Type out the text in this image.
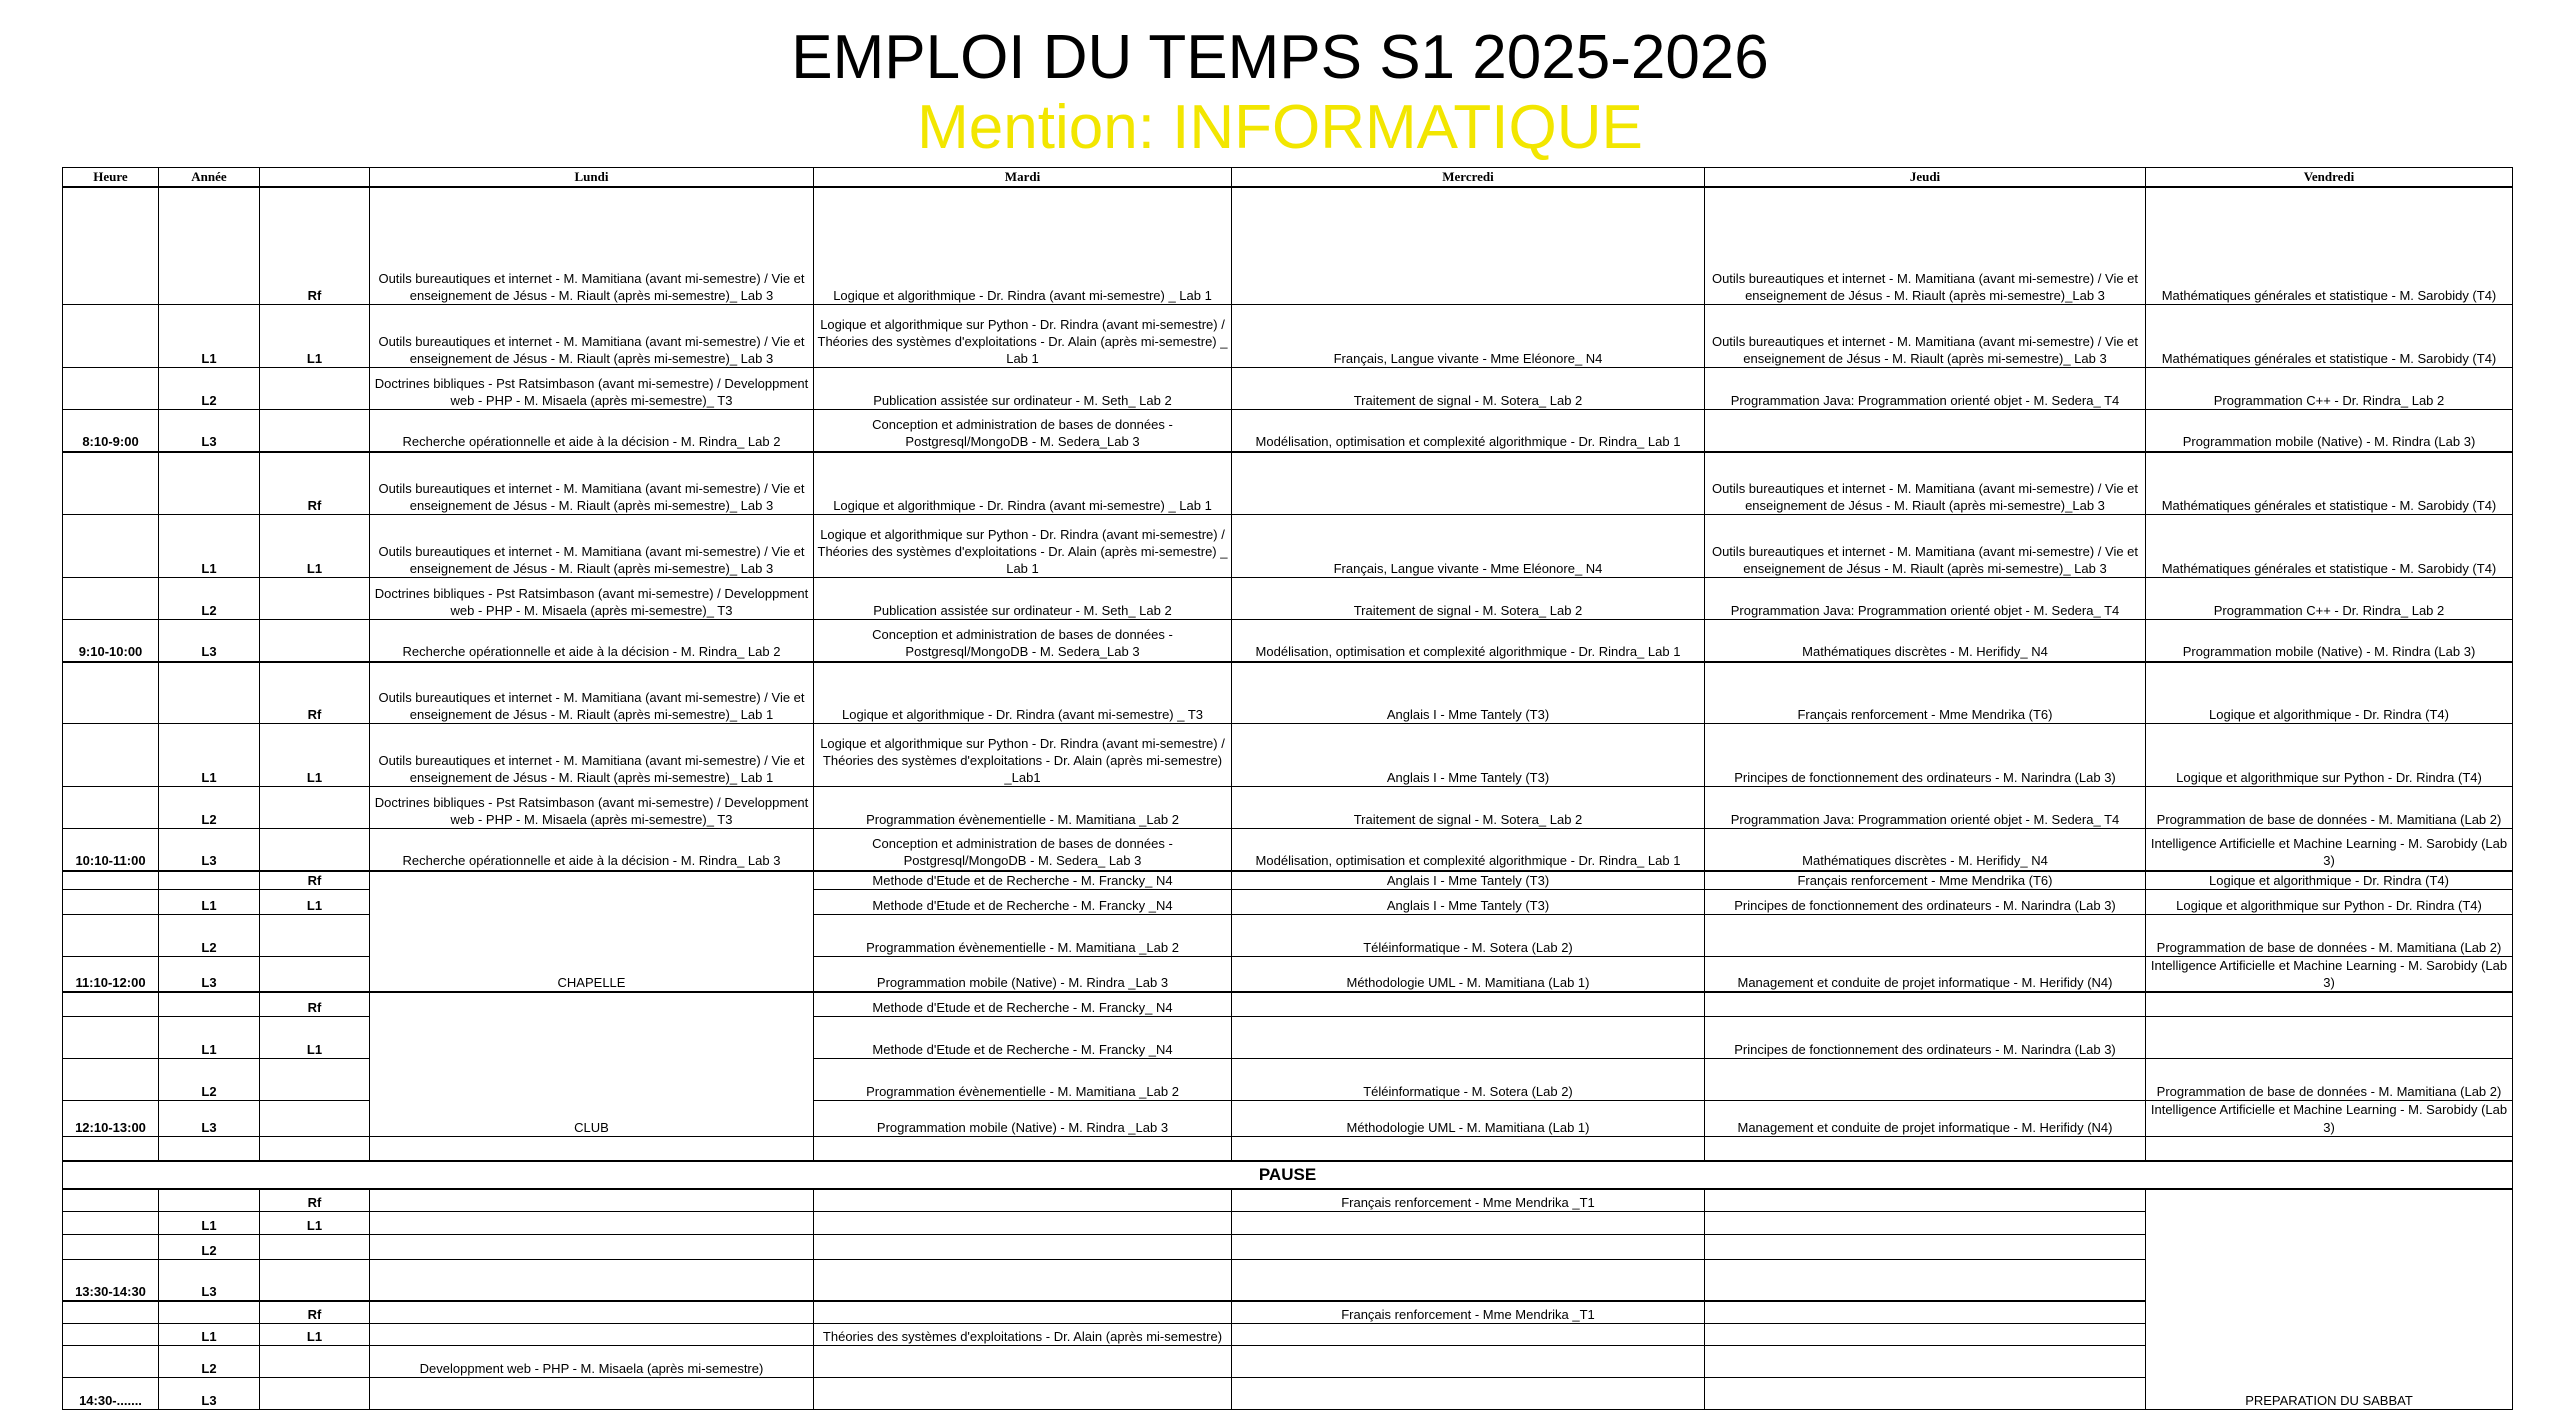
EMPLOI DU TEMPS S1 2025-2026
Mention: INFORMATIQUE
Heure	Année		Lundi	Mardi	Mercredi	Jeudi	Vendredi
		Rf	Outils bureautiques et internet - M. Mamitiana (avant mi-semestre) / Vie et enseignement de Jésus - M. Riault (après mi-semestre)_ Lab 3	Logique et algorithmique - Dr. Rindra (avant mi-semestre) _ Lab 1		Outils bureautiques et internet - M. Mamitiana (avant mi-semestre) / Vie et enseignement de Jésus - M. Riault (après mi-semestre)_Lab 3	Mathématiques générales et statistique - M. Sarobidy (T4)
	L1	L1	Outils bureautiques et internet - M. Mamitiana (avant mi-semestre) / Vie et enseignement de Jésus - M. Riault (après mi-semestre)_ Lab 3	Logique et algorithmique sur Python - Dr. Rindra (avant mi-semestre) / Théories des systèmes d'exploitations - Dr. Alain (après mi-semestre) _ Lab 1	Français, Langue vivante - Mme Eléonore_ N4	Outils bureautiques et internet - M. Mamitiana (avant mi-semestre) / Vie et enseignement de Jésus - M. Riault (après mi-semestre)_ Lab 3	Mathématiques générales et statistique - M. Sarobidy (T4)
	L2		Doctrines bibliques - Pst Ratsimbason (avant mi-semestre) / Developpment web - PHP - M. Misaela (après mi-semestre)_ T3	Publication assistée sur ordinateur - M. Seth_ Lab 2	Traitement de signal - M. Sotera_ Lab 2	Programmation Java: Programmation orienté objet - M. Sedera_ T4	Programmation C++ - Dr. Rindra_ Lab 2
8:10-9:00	L3		Recherche opérationnelle et aide à la décision - M. Rindra_ Lab 2	Conception et administration de bases de données - Postgresql/MongoDB - M. Sedera_Lab 3	Modélisation, optimisation et complexité algorithmique - Dr. Rindra_ Lab 1		Programmation mobile (Native) - M. Rindra (Lab 3)
		Rf	Outils bureautiques et internet - M. Mamitiana (avant mi-semestre) / Vie et enseignement de Jésus - M. Riault (après mi-semestre)_ Lab 3	Logique et algorithmique - Dr. Rindra (avant mi-semestre) _ Lab 1		Outils bureautiques et internet - M. Mamitiana (avant mi-semestre) / Vie et enseignement de Jésus - M. Riault (après mi-semestre)_Lab 3	Mathématiques générales et statistique - M. Sarobidy (T4)
	L1	L1	Outils bureautiques et internet - M. Mamitiana (avant mi-semestre) / Vie et enseignement de Jésus - M. Riault (après mi-semestre)_ Lab 3	Logique et algorithmique sur Python - Dr. Rindra (avant mi-semestre) / Théories des systèmes d'exploitations - Dr. Alain (après mi-semestre) _ Lab 1	Français, Langue vivante - Mme Eléonore_ N4	Outils bureautiques et internet - M. Mamitiana (avant mi-semestre) / Vie et enseignement de Jésus - M. Riault (après mi-semestre)_ Lab 3	Mathématiques générales et statistique - M. Sarobidy (T4)
	L2		Doctrines bibliques - Pst Ratsimbason (avant mi-semestre) / Developpment web - PHP - M. Misaela (après mi-semestre)_ T3	Publication assistée sur ordinateur - M. Seth_ Lab 2	Traitement de signal - M. Sotera_ Lab 2	Programmation Java: Programmation orienté objet - M. Sedera_ T4	Programmation C++ - Dr. Rindra_ Lab 2
9:10-10:00	L3		Recherche opérationnelle et aide à la décision - M. Rindra_ Lab 2	Conception et administration de bases de données - Postgresql/MongoDB - M. Sedera_Lab 3	Modélisation, optimisation et complexité algorithmique - Dr. Rindra_ Lab 1	Mathématiques discrètes - M. Herifidy_ N4	Programmation mobile (Native) - M. Rindra (Lab 3)
		Rf	Outils bureautiques et internet - M. Mamitiana (avant mi-semestre) / Vie et enseignement de Jésus - M. Riault (après mi-semestre)_ Lab 1	Logique et algorithmique - Dr. Rindra (avant mi-semestre) _ T3	Anglais I - Mme Tantely (T3)	Français renforcement - Mme Mendrika (T6)	Logique et algorithmique - Dr. Rindra (T4)
	L1	L1	Outils bureautiques et internet - M. Mamitiana (avant mi-semestre) / Vie et enseignement de Jésus - M. Riault (après mi-semestre)_ Lab 1	Logique et algorithmique sur Python - Dr. Rindra (avant mi-semestre) / Théories des systèmes d'exploitations - Dr. Alain (après mi-semestre) _Lab1	Anglais I - Mme Tantely (T3)	Principes de fonctionnement des ordinateurs - M. Narindra (Lab 3)	Logique et algorithmique sur Python - Dr. Rindra (T4)
	L2		Doctrines bibliques - Pst Ratsimbason (avant mi-semestre) / Developpment web - PHP - M. Misaela (après mi-semestre)_ T3	Programmation évènementielle - M. Mamitiana _Lab 2	Traitement de signal - M. Sotera_ Lab 2	Programmation Java: Programmation orienté objet - M. Sedera_ T4	Programmation de base de données - M. Mamitiana (Lab 2)
10:10-11:00	L3		Recherche opérationnelle et aide à la décision - M. Rindra_ Lab 3	Conception et administration de bases de données - Postgresql/MongoDB - M. Sedera_ Lab 3	Modélisation, optimisation et complexité algorithmique - Dr. Rindra_ Lab 1	Mathématiques discrètes - M. Herifidy_ N4	Intelligence Artificielle et Machine Learning - M. Sarobidy (Lab 3)
		Rf	CHAPELLE	Methode d'Etude et de Recherche - M. Francky_ N4	Anglais I - Mme Tantely (T3)	Français renforcement - Mme Mendrika (T6)	Logique et algorithmique - Dr. Rindra (T4)
	L1	L1		Methode d'Etude et de Recherche - M. Francky _N4	Anglais I - Mme Tantely (T3)	Principes de fonctionnement des ordinateurs - M. Narindra (Lab 3)	Logique et algorithmique sur Python - Dr. Rindra (T4)
	L2			Programmation évènementielle - M. Mamitiana _Lab 2	Téléinformatique - M. Sotera (Lab 2)		Programmation de base de données - M. Mamitiana (Lab 2)
11:10-12:00	L3			Programmation mobile (Native) - M. Rindra _Lab 3	Méthodologie UML - M. Mamitiana (Lab 1)	Management et conduite de projet informatique - M. Herifidy (N4)	Intelligence Artificielle et Machine Learning - M. Sarobidy (Lab 3)
		Rf	CLUB	Methode d'Etude et de Recherche - M. Francky_ N4			
	L1	L1		Methode d'Etude et de Recherche - M. Francky _N4		Principes de fonctionnement des ordinateurs - M. Narindra (Lab 3)	
	L2			Programmation évènementielle - M. Mamitiana _Lab 2	Téléinformatique - M. Sotera (Lab 2)		Programmation de base de données - M. Mamitiana (Lab 2)
12:10-13:00	L3			Programmation mobile (Native) - M. Rindra _Lab 3	Méthodologie UML - M. Mamitiana (Lab 1)	Management et conduite de projet informatique - M. Herifidy (N4)	Intelligence Artificielle et Machine Learning - M. Sarobidy (Lab 3)

PAUSE							
		Rf			Français renforcement - Mme Mendrika _T1		PREPARATION DU SABBAT
	L1	L1					
	L2						
13:30-14:30	L3						
		Rf			Français renforcement - Mme Mendrika _T1		
	L1	L1		Théories des systèmes d'exploitations - Dr. Alain (après mi-semestre)			
	L2		Developpment web - PHP - M. Misaela (après mi-semestre)				
14:30-.......	L3						
